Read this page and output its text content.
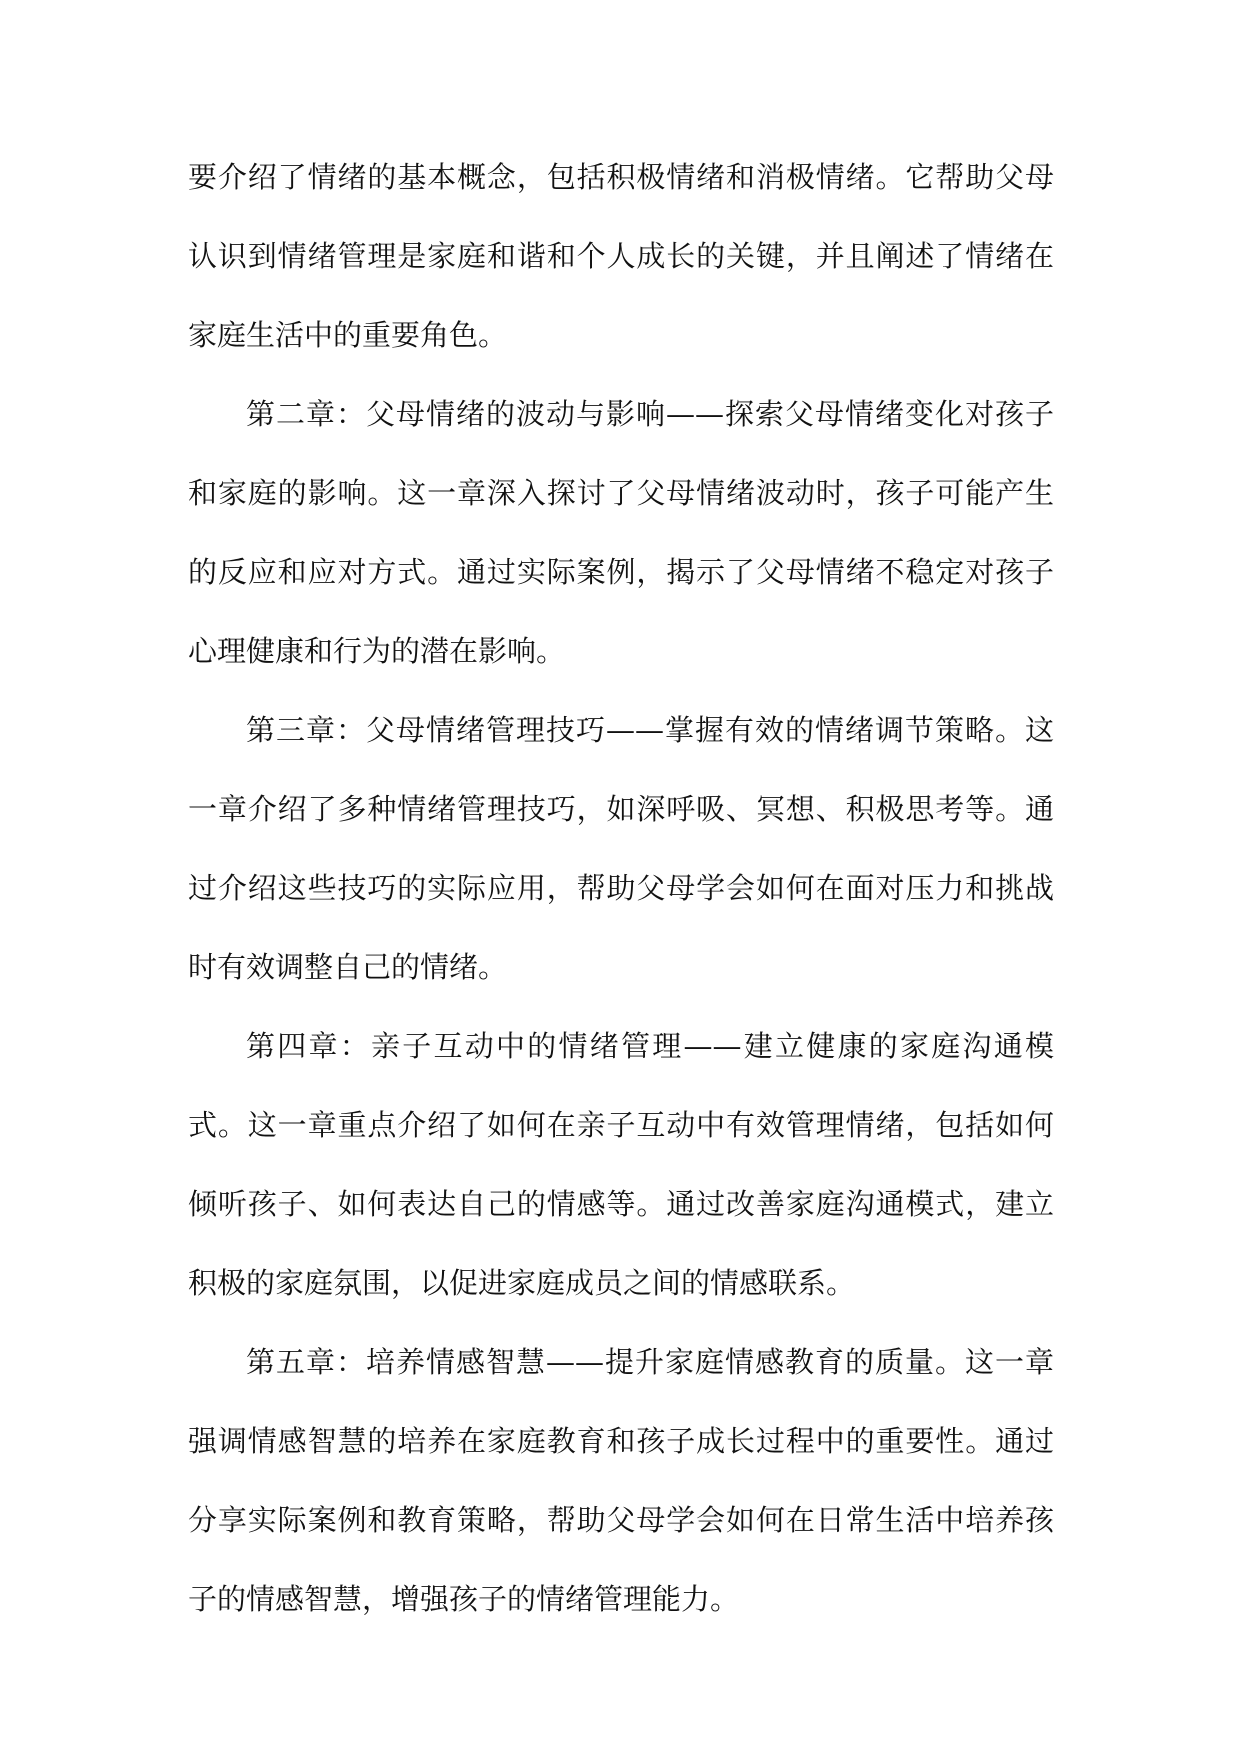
要介绍了情绪的基本概念，包括积极情绪和消极情绪。它帮助父母认识到情绪管理是家庭和谐和个人成长的关键，并且阐述了情绪在家庭生活中的重要角色。

第二章：父母情绪的波动与影响——探索父母情绪变化对孩子和家庭的影响。这一章深入探讨了父母情绪波动时，孩子可能产生的反应和应对方式。通过实际案例，揭示了父母情绪不稳定对孩子心理健康和行为的潜在影响。

第三章：父母情绪管理技巧——掌握有效的情绪调节策略。这一章介绍了多种情绪管理技巧，如深呼吸、冥想、积极思考等。通过介绍这些技巧的实际应用，帮助父母学会如何在面对压力和挑战时有效调整自己的情绪。

第四章：亲子互动中的情绪管理——建立健康的家庭沟通模式。这一章重点介绍了如何在亲子互动中有效管理情绪，包括如何倾听孩子、如何表达自己的情感等。通过改善家庭沟通模式，建立积极的家庭氛围，以促进家庭成员之间的情感联系。

第五章：培养情感智慧——提升家庭情感教育的质量。这一章强调情感智慧的培养在家庭教育和孩子成长过程中的重要性。通过分享实际案例和教育策略，帮助父母学会如何在日常生活中培养孩子的情感智慧，增强孩子的情绪管理能力。
